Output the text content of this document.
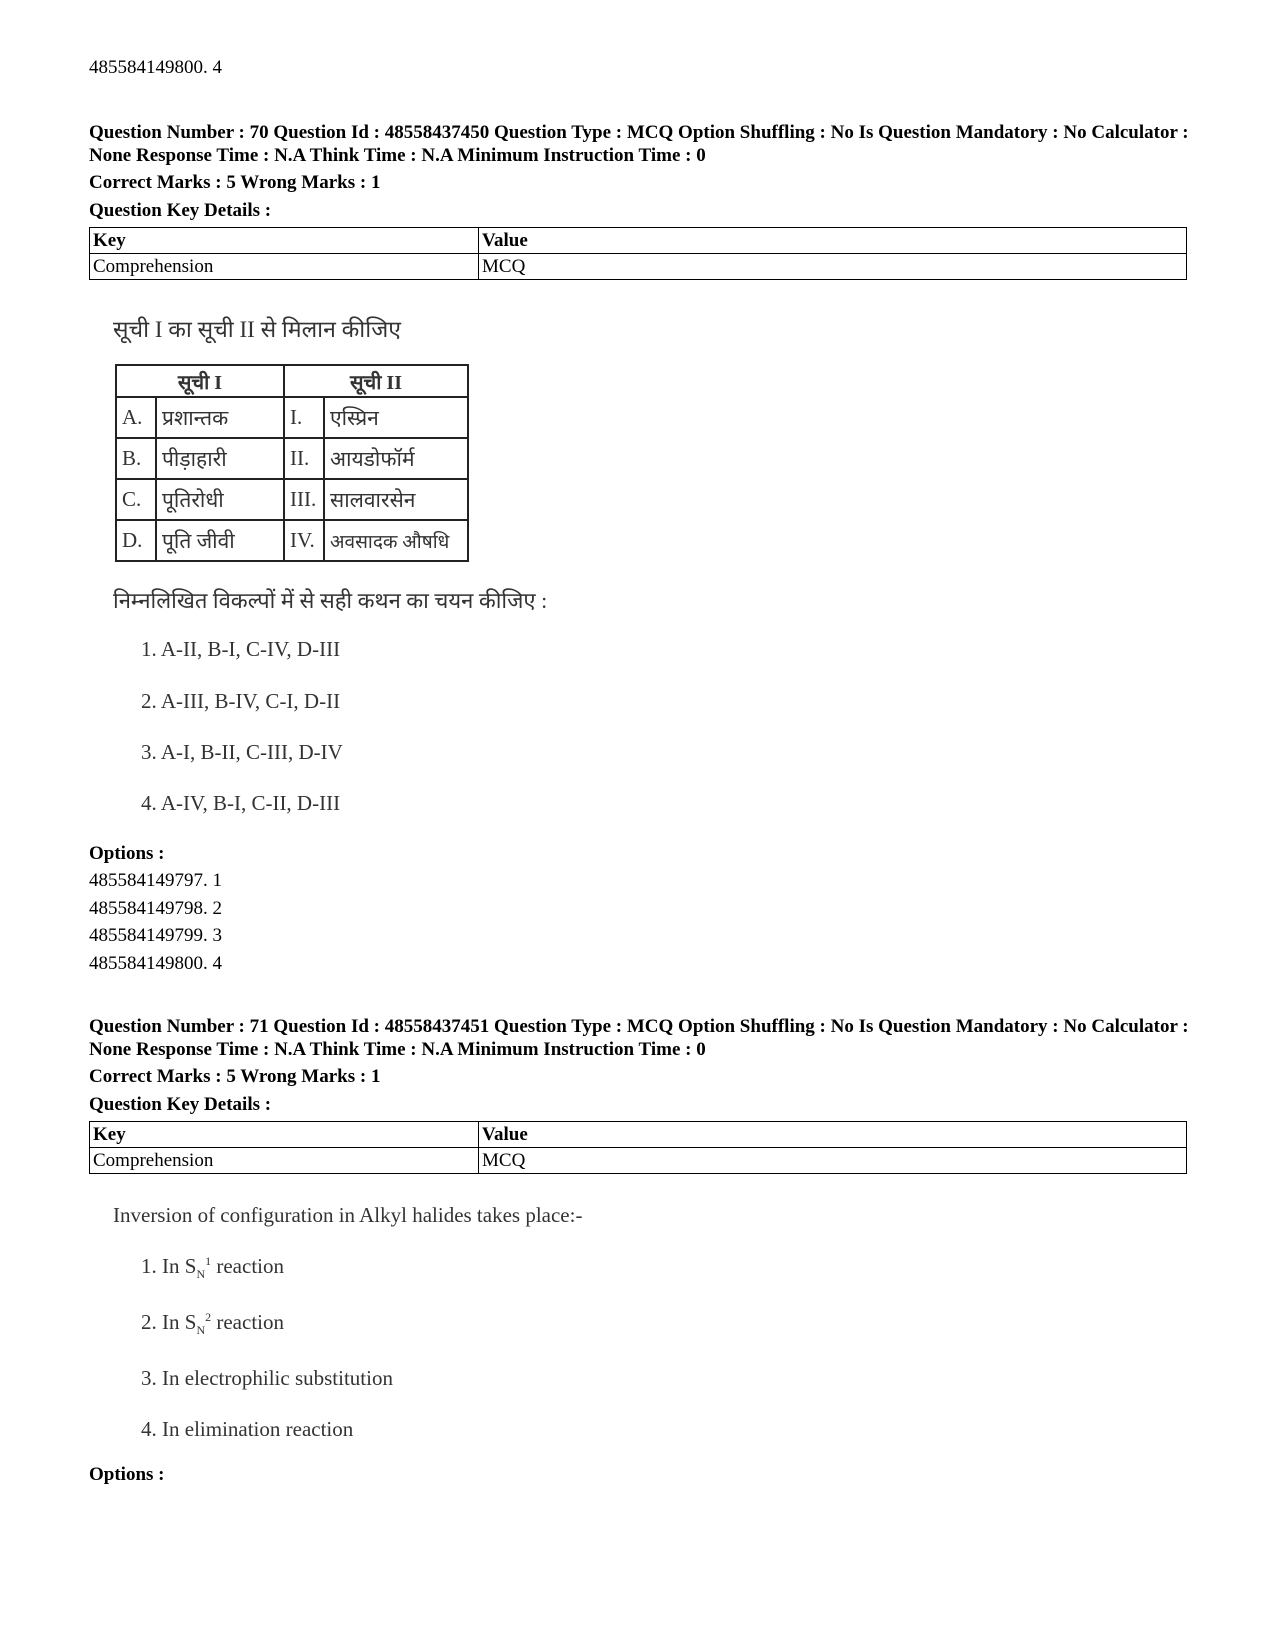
485584149800. 4
Question Number : 70 Question Id : 48558437450 Question Type : MCQ Option Shuffling : No Is Question Mandatory : No Calculator : None Response Time : N.A Think Time : N.A Minimum Instruction Time : 0
Correct Marks : 5 Wrong Marks : 1
Question Key Details :
Key	Value
Comprehension	MCQ
सूची I का सूची II से मिलान कीजिए
सूची I		सूची II	
A.	प्रशान्तक	I.	एस्प्रिन
B.	पीड़ाहारी	II.	आयडोफॉर्म
C.	पूतिरोधी	III.	सालवारसेन
D.	पूति जीवी	IV.	अवसादक औषधि
निम्नलिखित विकल्पों में से सही कथन का चयन कीजिए :
1. A-II, B-I, C-IV, D-III
2. A-III, B-IV, C-I, D-II
3. A-I, B-II, C-III, D-IV
4. A-IV, B-I, C-II, D-III
Options :
485584149797. 1
485584149798. 2
485584149799. 3
485584149800. 4
Question Number : 71 Question Id : 48558437451 Question Type : MCQ Option Shuffling : No Is Question Mandatory : No Calculator : None Response Time : N.A Think Time : N.A Minimum Instruction Time : 0
Correct Marks : 5 Wrong Marks : 1
Question Key Details :
Key	Value
Comprehension	MCQ
Inversion of configuration in Alkyl halides takes place:-
1. In $S_N^1$ reaction
2. In $S_N^2$ reaction
3. In electrophilic substitution
4. In elimination reaction
Options :
